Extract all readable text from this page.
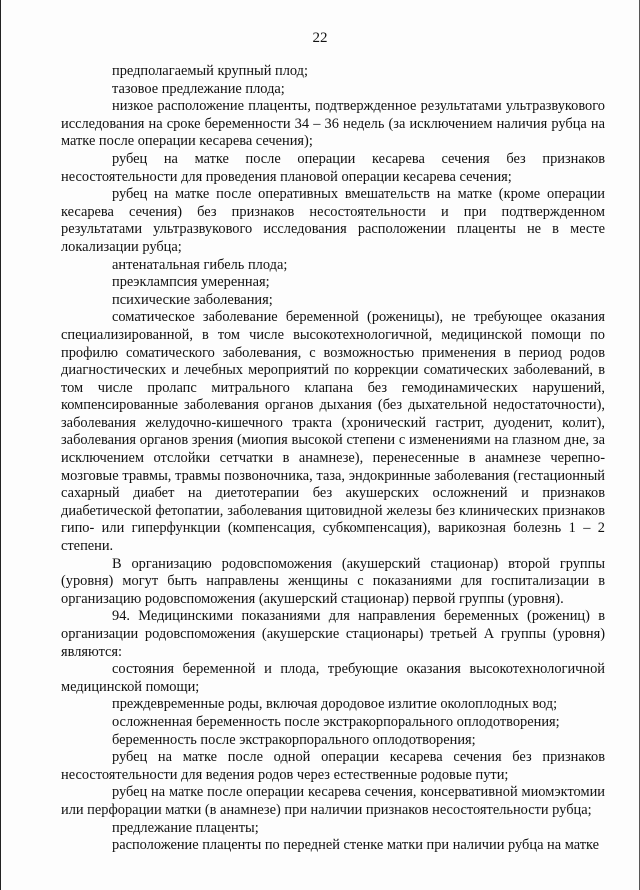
22

предполагаемый крупный плод;

тазовое предлежание плода;

низкое расположение плаценты, подтвержденное результатами ультразвукового исследования на сроке беременности 34 – 36 недель (за исключением наличия рубца на матке после операции кесарева сечения);

рубец на матке после операции кесарева сечения без признаков несостоятельности для проведения плановой операции кесарева сечения;

рубец на матке после оперативных вмешательств на матке (кроме операции кесарева сечения) без признаков несостоятельности и при подтвержденном результатами ультразвукового исследования расположении плаценты не в месте локализации рубца;

антенатальная гибель плода;

преэклампсия умеренная;

психические заболевания;

соматическое заболевание беременной (роженицы), не требующее оказания специализированной, в том числе высокотехнологичной, медицинской помощи по профилю соматического заболевания, с возможностью применения в период родов диагностических и лечебных мероприятий по коррекции соматических заболеваний, в том числе пролапс митрального клапана без гемодинамических нарушений, компенсированные заболевания органов дыхания (без дыхательной недостаточности), заболевания желудочно-кишечного тракта (хронический гастрит, дуоденит, колит), заболевания органов зрения (миопия высокой степени с изменениями на глазном дне, за исключением отслойки сетчатки в анамнезе), перенесенные в анамнезе черепно-мозговые травмы, травмы позвоночника, таза, эндокринные заболевания (гестационный сахарный диабет на диетотерапии без акушерских осложнений и признаков диабетической фетопатии, заболевания щитовидной железы без клинических признаков гипо- или гиперфункции (компенсация, субкомпенсация), варикозная болезнь 1 – 2 степени.

В организацию родовспоможения (акушерский стационар) второй группы (уровня) могут быть направлены женщины с показаниями для госпитализации в организацию родовспоможения (акушерский стационар) первой группы (уровня).

94. Медицинскими показаниями для направления беременных (рожениц) в организации родовспоможения (акушерские стационары) третьей А группы (уровня) являются:

состояния беременной и плода, требующие оказания высокотехнологичной медицинской помощи;

преждевременные роды, включая дородовое излитие околоплодных вод;

осложненная беременность после экстракорпорального оплодотворения;

беременность после экстракорпорального оплодотворения;

рубец на матке после одной операции кесарева сечения без признаков несостоятельности для ведения родов через естественные родовые пути;

рубец на матке после операции кесарева сечения, консервативной миомэктомии или перфорации матки (в анамнезе) при наличии признаков несостоятельности рубца;

предлежание плаценты;

расположение плаценты по передней стенке матки при наличии рубца на матке
